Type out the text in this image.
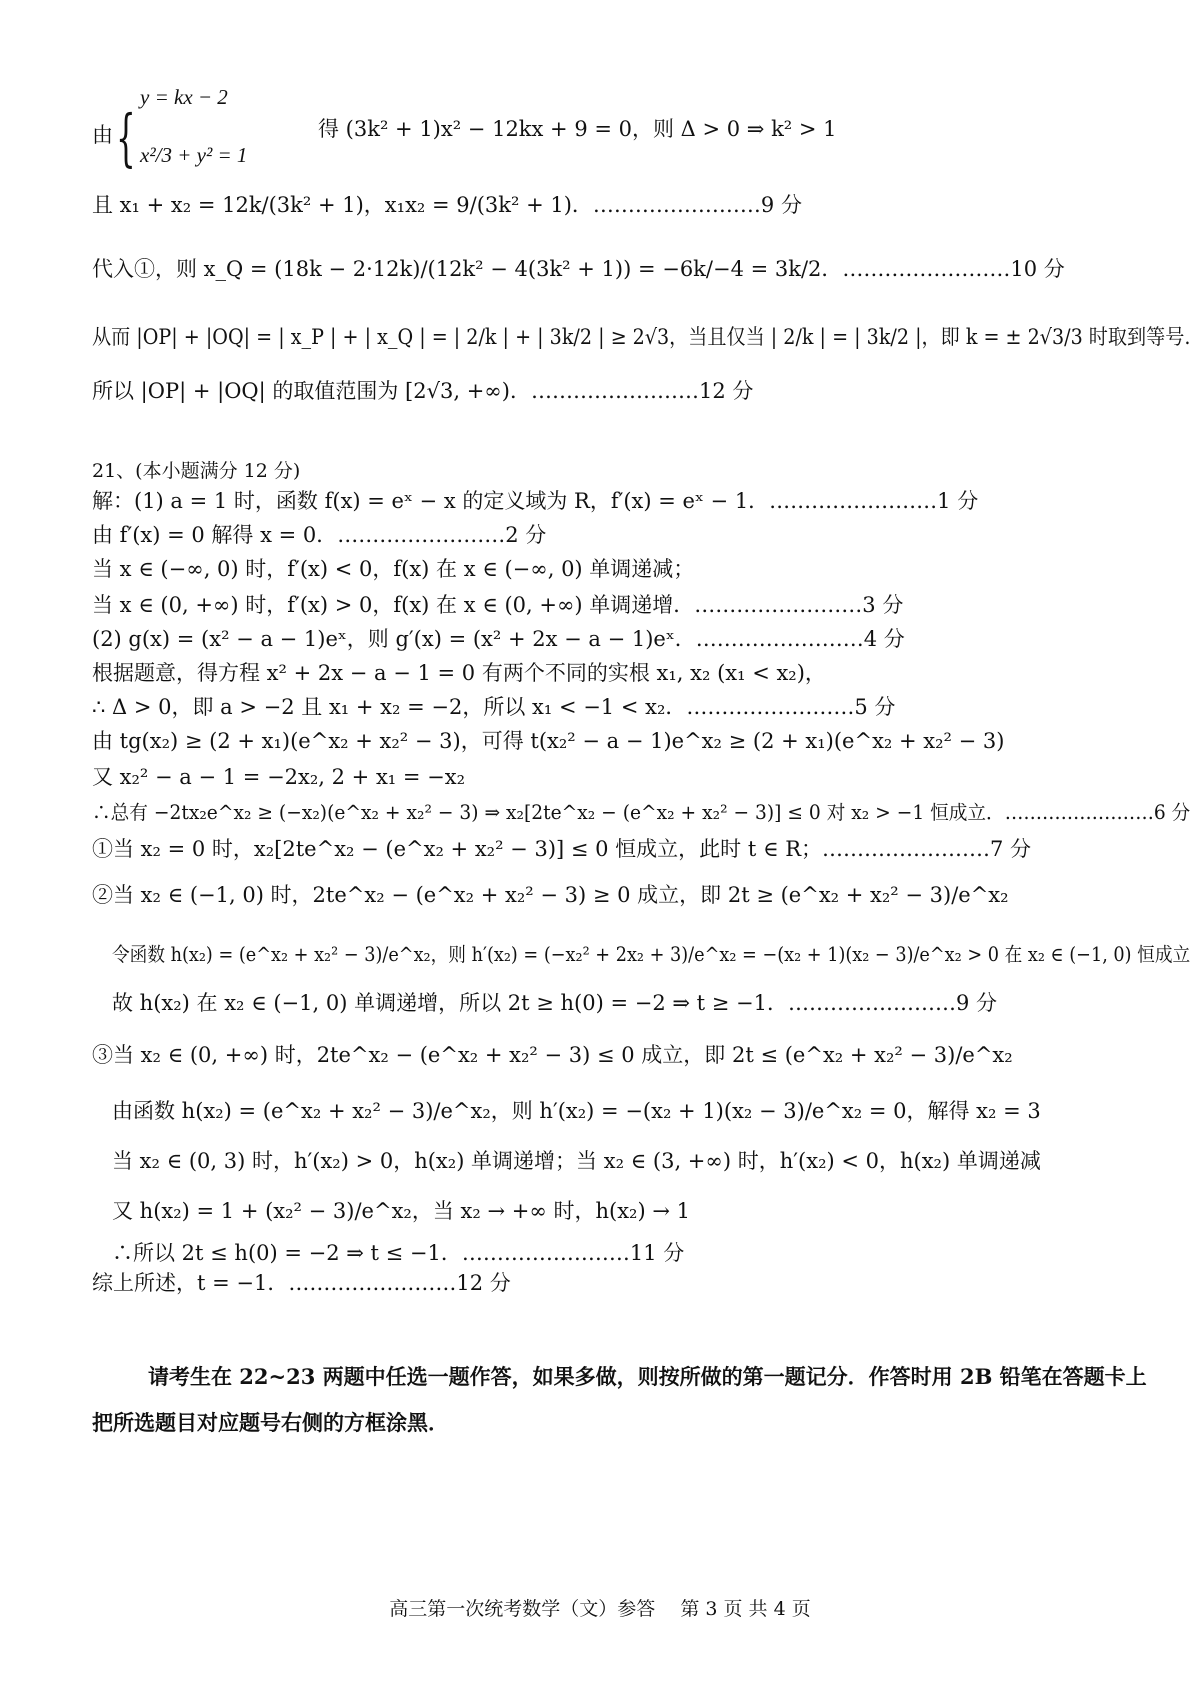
由 {
y = kx − 2
x²/3 + y² = 1
得 (3k² + 1)x² − 12kx + 9 = 0，则 Δ > 0 ⇒ k² > 1
且 x₁ + x₂ = 12k/(3k² + 1)，x₁x₂ = 9/(3k² + 1)．……………………9 分
代入①，则 x_Q = (18k − 2·12k)/(12k² − 4(3k² + 1)) = −6k/−4 = 3k/2．……………………10 分
从而 |OP| + |OQ| = | x_P | + | x_Q | = | 2/k | + | 3k/2 | ≥ 2√3，当且仅当 | 2/k | = | 3k/2 |，即 k = ± 2√3/3 时取到等号.
所以 |OP| + |OQ| 的取值范围为 [2√3, +∞)．……………………12 分
21、(本小题满分 12 分)
解：(1) a = 1 时，函数 f(x) = eˣ − x 的定义域为 R，f′(x) = eˣ − 1．……………………1 分
由 f′(x) = 0 解得 x = 0．……………………2 分
当 x ∈ (−∞, 0) 时，f′(x) < 0，f(x) 在 x ∈ (−∞, 0) 单调递减；
当 x ∈ (0, +∞) 时，f′(x) > 0，f(x) 在 x ∈ (0, +∞) 单调递增．……………………3 分
(2) g(x) = (x² − a − 1)eˣ，则 g′(x) = (x² + 2x − a − 1)eˣ．……………………4 分
根据题意，得方程 x² + 2x − a − 1 = 0 有两个不同的实根 x₁, x₂ (x₁ < x₂)，
∴ Δ > 0，即 a > −2 且 x₁ + x₂ = −2，所以 x₁ < −1 < x₂．……………………5 分
由 tg(x₂) ≥ (2 + x₁)(e^x₂ + x₂² − 3)，可得 t(x₂² − a − 1)e^x₂ ≥ (2 + x₁)(e^x₂ + x₂² − 3)
又 x₂² − a − 1 = −2x₂, 2 + x₁ = −x₂
∴总有 −2tx₂e^x₂ ≥ (−x₂)(e^x₂ + x₂² − 3) ⇒ x₂[2te^x₂ − (e^x₂ + x₂² − 3)] ≤ 0 对 x₂ > −1 恒成立．……………………6 分
①当 x₂ = 0 时，x₂[2te^x₂ − (e^x₂ + x₂² − 3)] ≤ 0 恒成立，此时 t ∈ R；……………………7 分
②当 x₂ ∈ (−1, 0) 时，2te^x₂ − (e^x₂ + x₂² − 3) ≥ 0 成立，即 2t ≥ (e^x₂ + x₂² − 3)/e^x₂
令函数 h(x₂) = (e^x₂ + x₂² − 3)/e^x₂，则 h′(x₂) = (−x₂² + 2x₂ + 3)/e^x₂ = −(x₂ + 1)(x₂ − 3)/e^x₂ > 0 在 x₂ ∈ (−1, 0) 恒成立
故 h(x₂) 在 x₂ ∈ (−1, 0) 单调递增，所以 2t ≥ h(0) = −2 ⇒ t ≥ −1．……………………9 分
③当 x₂ ∈ (0, +∞) 时，2te^x₂ − (e^x₂ + x₂² − 3) ≤ 0 成立，即 2t ≤ (e^x₂ + x₂² − 3)/e^x₂
由函数 h(x₂) = (e^x₂ + x₂² − 3)/e^x₂，则 h′(x₂) = −(x₂ + 1)(x₂ − 3)/e^x₂ = 0，解得 x₂ = 3
当 x₂ ∈ (0, 3) 时，h′(x₂) > 0，h(x₂) 单调递增；当 x₂ ∈ (3, +∞) 时，h′(x₂) < 0，h(x₂) 单调递减
又 h(x₂) = 1 + (x₂² − 3)/e^x₂，当 x₂ → +∞ 时，h(x₂) → 1
∴所以 2t ≤ h(0) = −2 ⇒ t ≤ −1．……………………11 分
综上所述，t = −1．……………………12 分
请考生在 22~23 两题中任选一题作答，如果多做，则按所做的第一题记分．作答时用 2B 铅笔在答题卡上
把所选题目对应题号右侧的方框涂黑．
高三第一次统考数学（文）参答　 第 3 页 共 4 页
